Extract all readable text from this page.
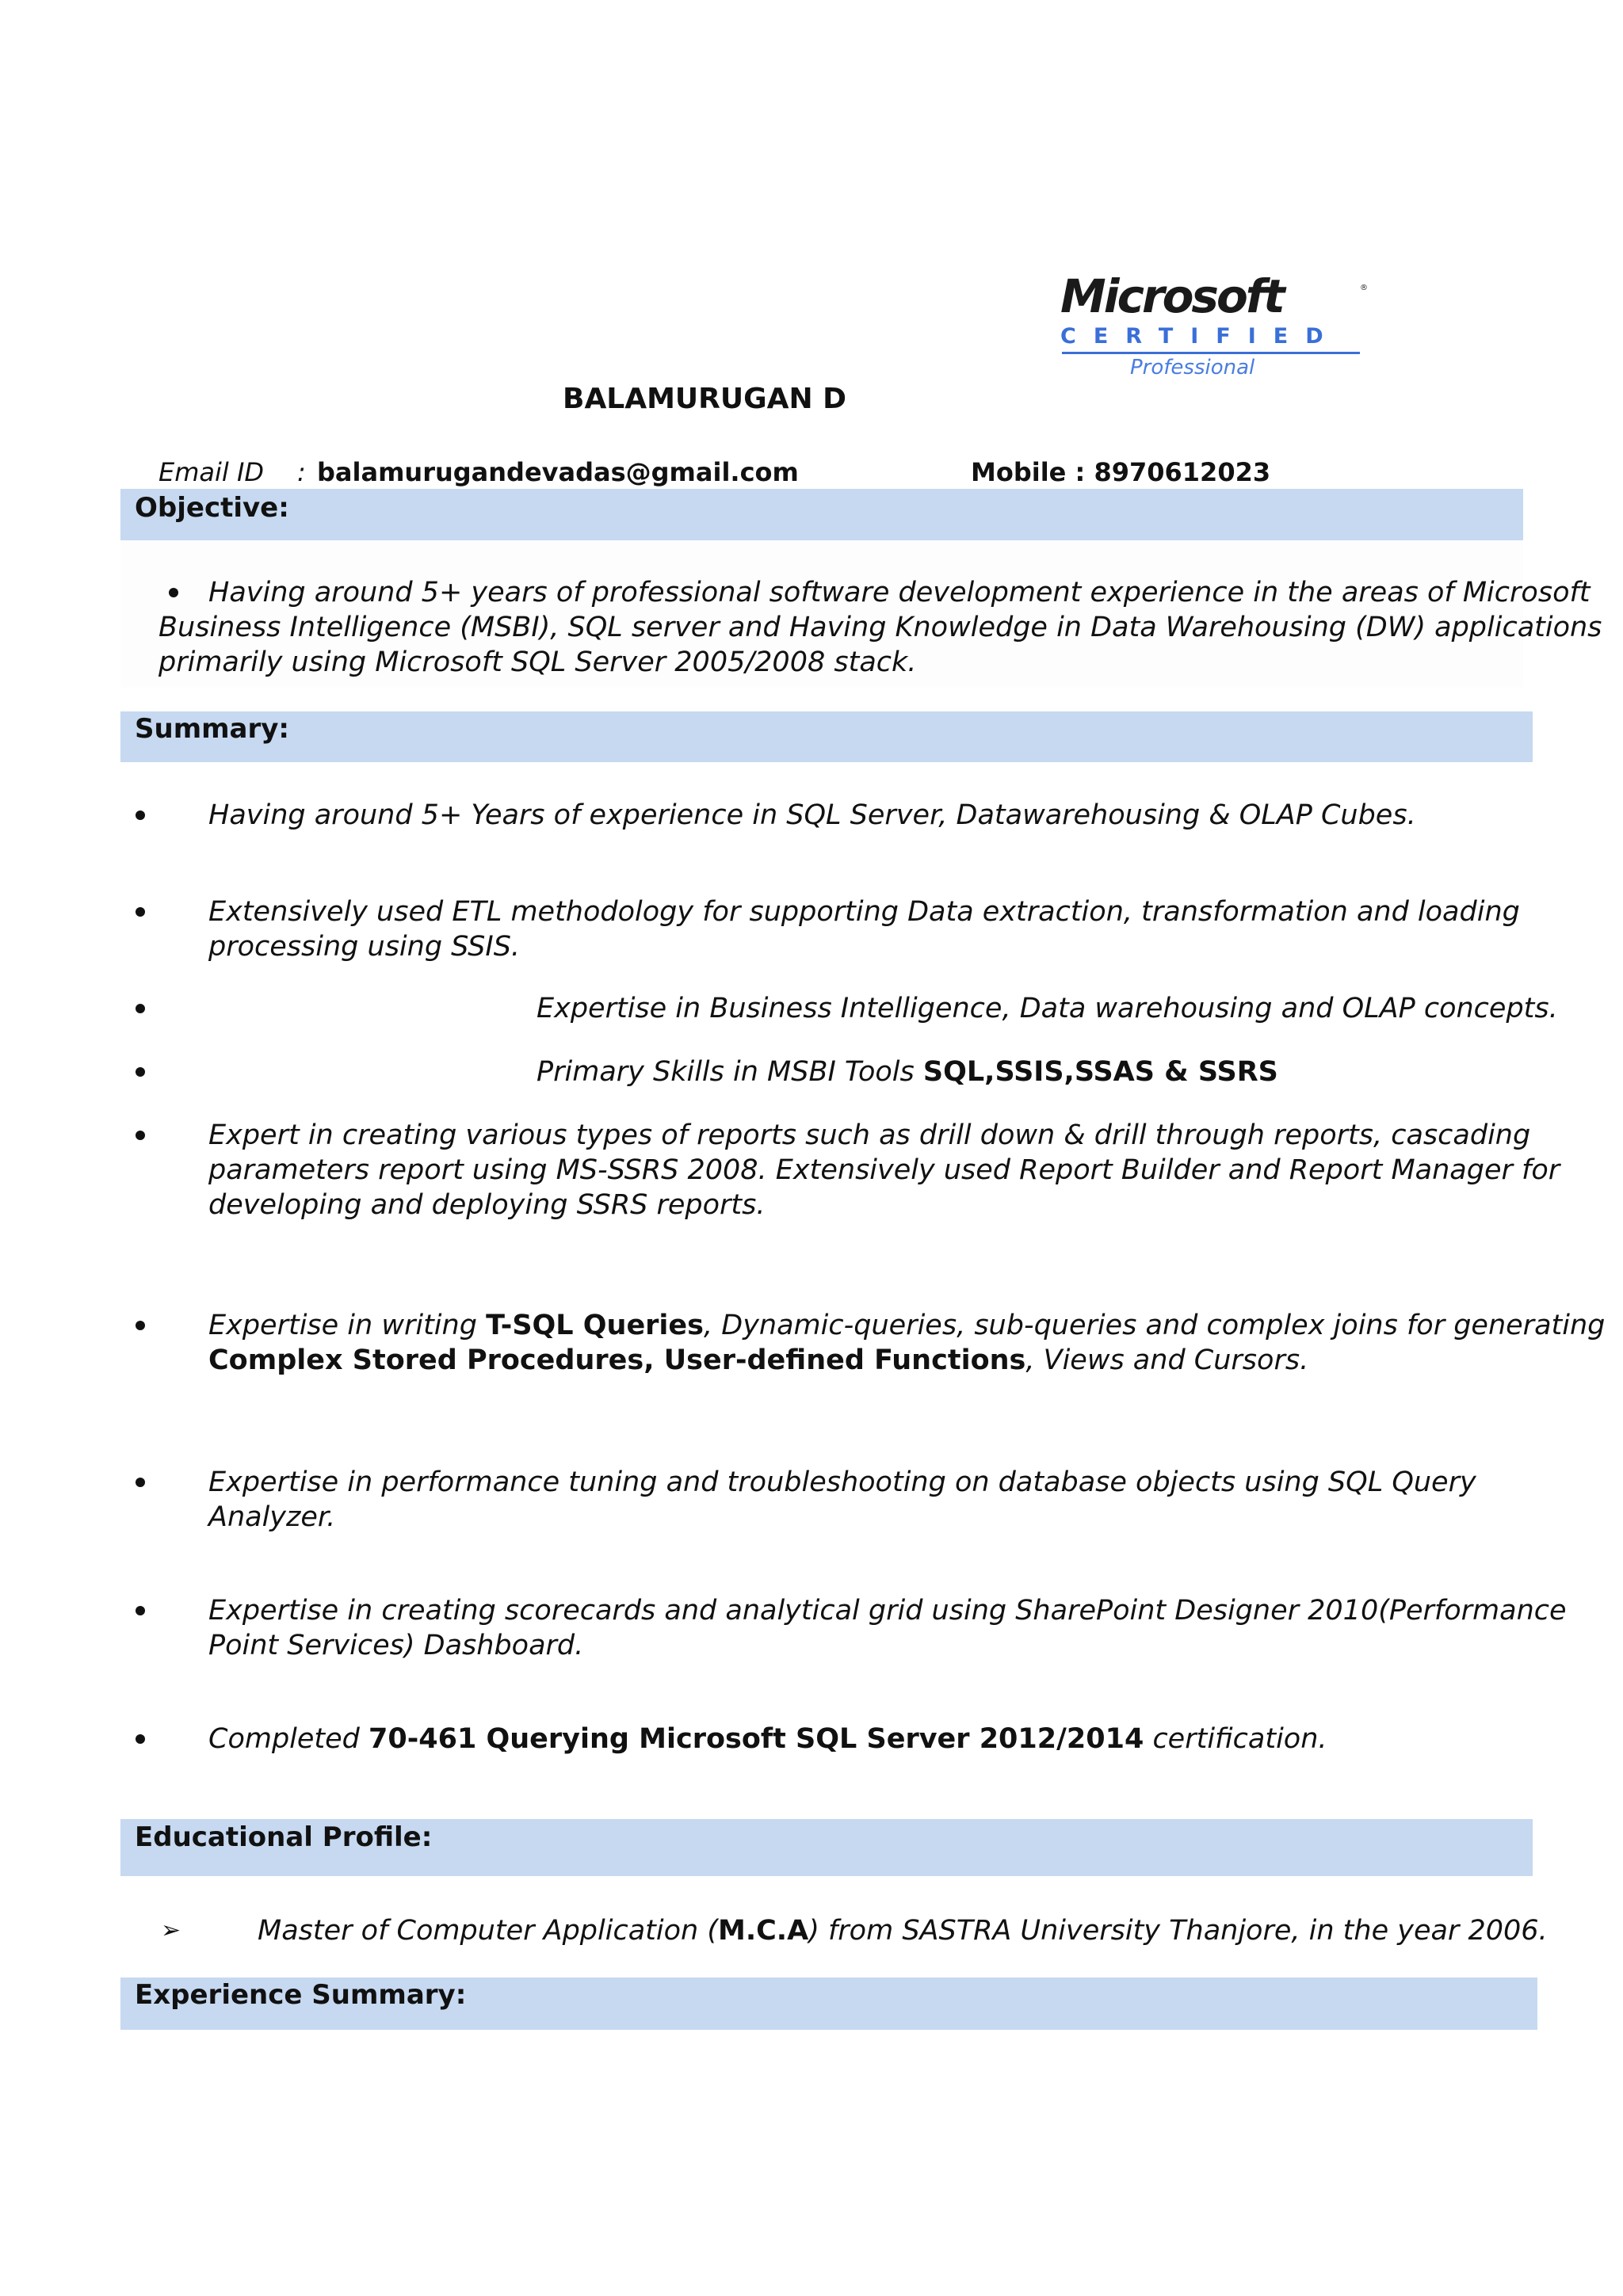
Microsoft	®
CERTIFIED
Professional
BALAMURUGAN D
Email ID : balamurugandevadas@gmail.com	Mobile : 8970612023
Objective:
Having around 5+ years of professional software development experience in the areas of Microsoft
Business Intelligence (MSBI), SQL server and Having Knowledge in Data Warehousing (DW) applications
primarily using Microsoft SQL Server 2005/2008 stack.
Summary:
Having around 5+ Years of experience in SQL Server, Datawarehousing & OLAP Cubes.
Extensively used ETL methodology for supporting Data extraction, transformation and loading
processing using SSIS.
Expertise in Business Intelligence, Data warehousing and OLAP concepts.
Primary Skills in MSBI Tools SQL,SSIS,SSAS & SSRS
Expert in creating various types of reports such as drill down & drill through reports, cascading
parameters report using MS-SSRS 2008. Extensively used Report Builder and Report Manager for
developing and deploying SSRS reports.
Expertise in writing T-SQL Queries, Dynamic-queries, sub-queries and complex joins for generating
Complex Stored Procedures, User-defined Functions, Views and Cursors.
Expertise in performance tuning and troubleshooting on database objects using SQL Query
Analyzer.
Expertise in creating scorecards and analytical grid using SharePoint Designer 2010(Performance
Point Services) Dashboard.
Completed 70-461 Querying Microsoft SQL Server 2012/2014 certification.
Educational Profile:
➢	Master of Computer Application (M.C.A) from SASTRA University Thanjore, in the year 2006.
Experience Summary:
